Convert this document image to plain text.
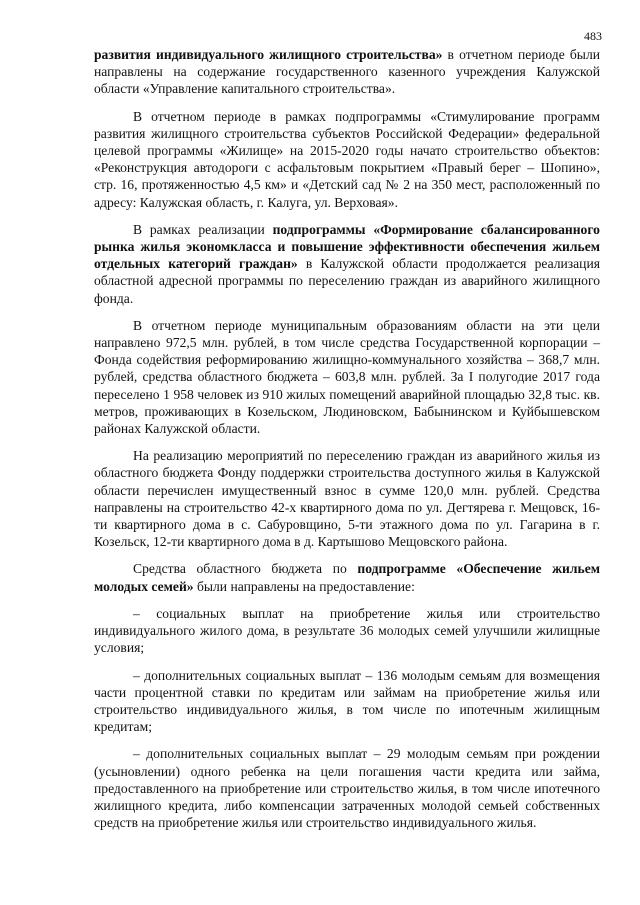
483

развития индивидуального жилищного строительства» в отчетном периоде были направлены на содержание государственного казенного учреждения Калужской области «Управление капитального строительства».

В отчетном периоде в рамках подпрограммы «Стимулирование программ развития жилищного строительства субъектов Российской Федерации» федеральной целевой программы «Жилище» на 2015-2020 годы начато строительство объектов: «Реконструкция автодороги с асфальтовым покрытием «Правый берег – Шопино», стр. 16, протяженностью 4,5 км» и «Детский сад № 2 на 350 мест, расположенный по адресу: Калужская область, г. Калуга, ул. Верховая».

В рамках реализации подпрограммы «Формирование сбалансированного рынка жилья экономкласса и повышение эффективности обеспечения жильем отдельных категорий граждан» в Калужской области продолжается реализация областной адресной программы по переселению граждан из аварийного жилищного фонда.

В отчетном периоде муниципальным образованиям области на эти цели направлено 972,5 млн. рублей, в том числе средства Государственной корпорации – Фонда содействия реформированию жилищно-коммунального хозяйства – 368,7 млн. рублей, средства областного бюджета – 603,8 млн. рублей. За I полугодие 2017 года переселено 1 958 человек из 910 жилых помещений аварийной площадью 32,8 тыс. кв. метров, проживающих в Козельском, Людиновском, Бабынинском и Куйбышевском районах Калужской области.

На реализацию мероприятий по переселению граждан из аварийного жилья из областного бюджета Фонду поддержки строительства доступного жилья в Калужской области перечислен имущественный взнос в сумме 120,0 млн. рублей. Средства направлены на строительство 42-х квартирного дома по ул. Дегтярева г. Мещовск, 16-ти квартирного дома в с. Сабуровщино, 5-ти этажного дома по ул. Гагарина в г. Козельск, 12-ти квартирного дома в д. Картышово Мещовского района.

Средства областного бюджета по подпрограмме «Обеспечение жильем молодых семей» были направлены на предоставление:

– социальных выплат на приобретение жилья или строительство индивидуального жилого дома, в результате 36 молодых семей улучшили жилищные условия;

– дополнительных социальных выплат – 136 молодым семьям для возмещения части процентной ставки по кредитам или займам на приобретение жилья или строительство индивидуального жилья, в том числе по ипотечным жилищным кредитам;

– дополнительных социальных выплат – 29 молодым семьям при рождении (усыновлении) одного ребенка на цели погашения части кредита или займа, предоставленного на приобретение или строительство жилья, в том числе ипотечного жилищного кредита, либо компенсации затраченных молодой семьей собственных средств на приобретение жилья или строительство индивидуального жилья.
